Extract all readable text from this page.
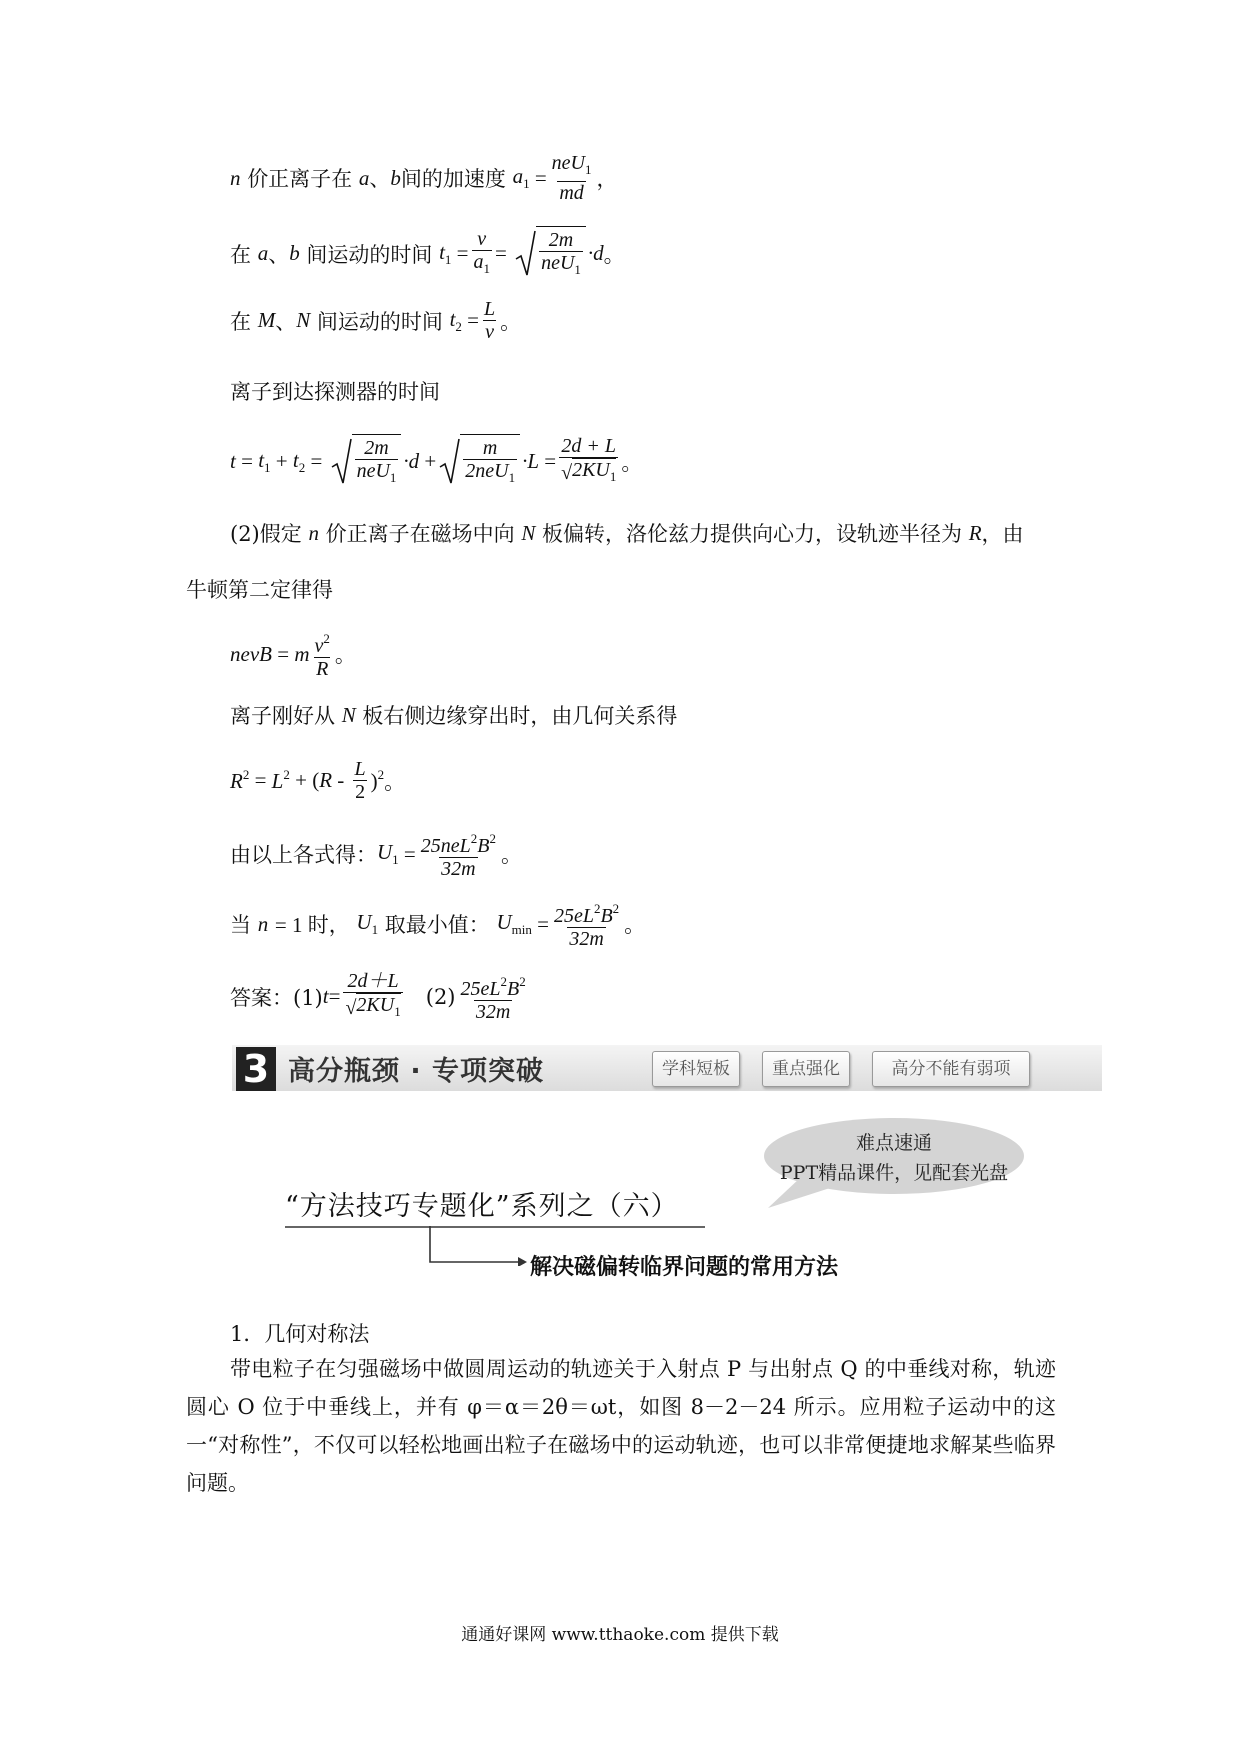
n
价正离子在
a 、 b 间的加速度
$a_1 = \frac{neU_1}{md}$ ，
在
a 、 b
间运动的时间
$t_1 = \frac{v}{a_1} = \frac{2m}{neU_1} \cdot d$ 。
在
M 、 N
间运动的时间
$t_2 = \frac{L}{v}$ 。
离子到达探测器的时间
$t = t_1 + t_2 = \frac{2m}{neU_1} \cdot d + \frac{m}{2neU_1} \cdot L = \frac{2d + L}{√ 2KU_1}$ 。
(2)假定
n
价正离子在磁场中向
N
板偏转，洛伦兹力提供向心力，设轨迹半径为
R ，由
牛顿第二定律得
nevB = m $\frac{v^2}{R}$ 。
离子刚好从
N
板右侧边缘穿出时，由几何关系得
$R^2 = L^2$ + ( R - $\frac{L}{2} )^2$ 。
由以上各式得： $U_1 = \frac{25neL^2B^2}{32m}$ 。
当
n
= 1 时，
$U_1$
取最小值：
$U_{min} = \frac{25eL^2B^2}{32m}$ 。
答案：(1) $t = \frac{2d+L}{√ 2KU_1}$
$(2) \frac{25eL^2B^2}{32m}$
3 高分瓶颈 · 专项突破	学科短板	重点强化	高分不能有弱项
难点速通
PPT精品课件，见配套光盘
“方法技巧专题化”系列之（六）
解决磁偏转临界问题的常用方法
1．几何对称法
带电粒子在匀强磁场中做圆周运动的轨迹关于入射点 P 与出射点 Q 的中垂线对称，轨迹圆心 O 位于中垂线上，并有 φ＝α＝2θ＝ωt，如图 8－2－24 所示。应用粒子运动中的这一“对称性”，不仅可以轻松地画出粒子在磁场中的运动轨迹，也可以非常便捷地求解某些临界问题。
通通好课网 www.tthaoke.com 提供下载
